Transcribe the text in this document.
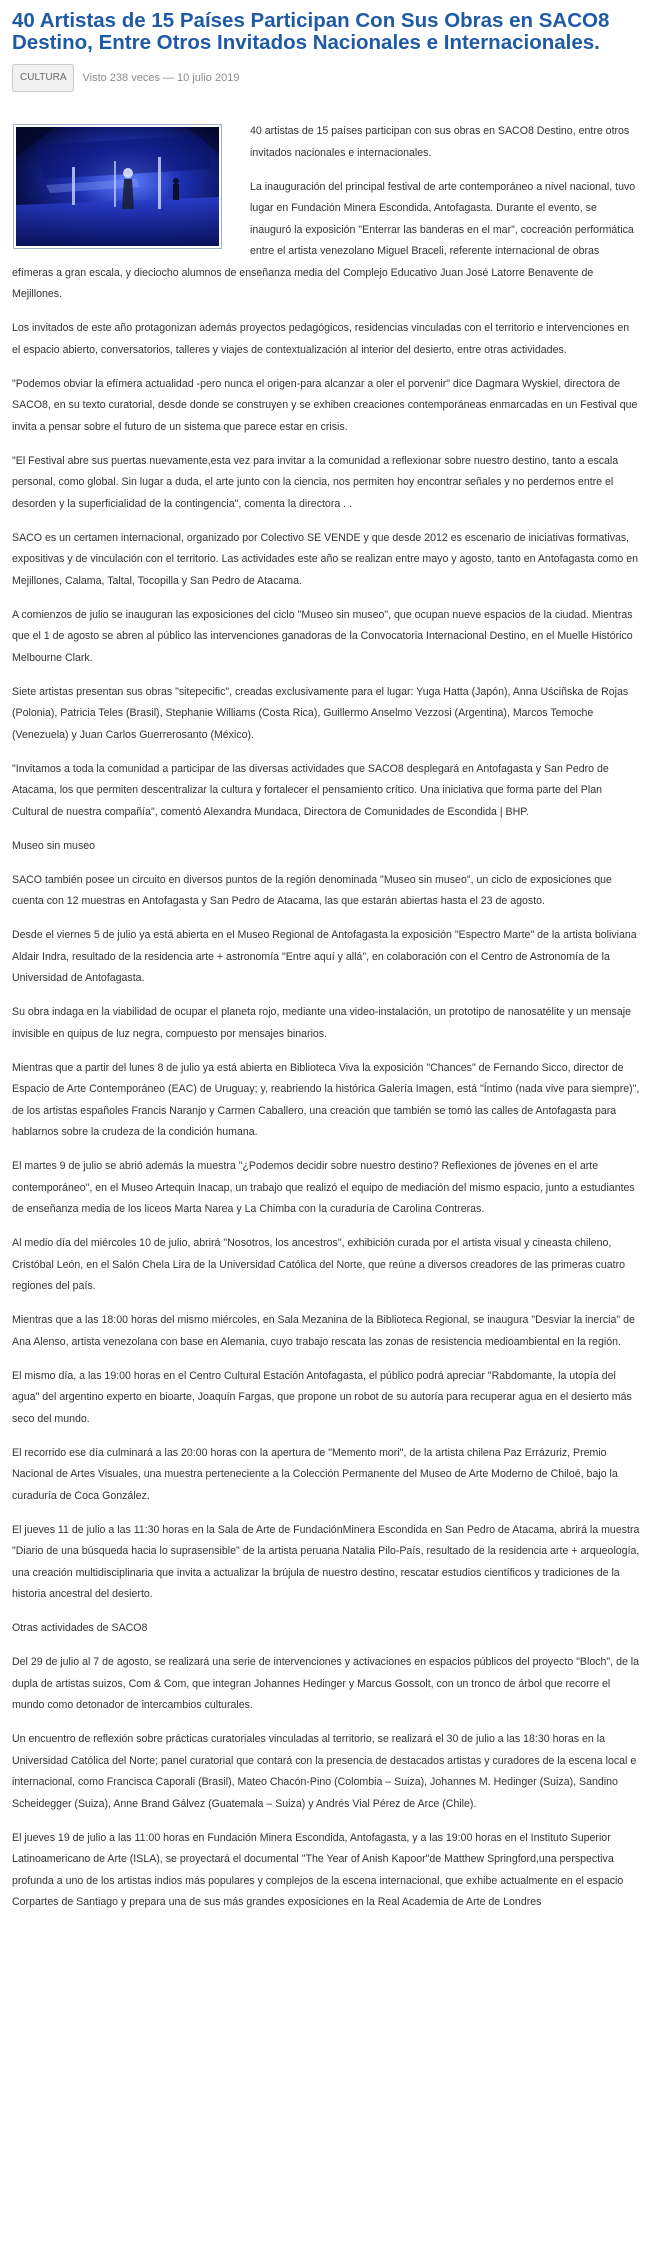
40 Artistas de 15 Países Participan Con Sus Obras en SACO8 Destino, Entre Otros Invitados Nacionales e Internacionales.
CULTURA	Visto 238 veces — 10 julio 2019

40 artistas de 15 países participan con sus obras en SACO8 Destino, entre otros invitados nacionales e internacionales.

La inauguración del principal festival de arte contemporáneo a nivel nacional, tuvo lugar en Fundación Minera Escondida, Antofagasta. Durante el evento, se inauguró la exposición "Enterrar las banderas en el mar", cocreación performática entre el artista venezolano Miguel Braceli, referente internacional de obras efímeras a gran escala, y dieciocho alumnos de enseñanza media del Complejo Educativo Juan José Latorre Benavente de Mejillones.

Los invitados de este año protagonizan además proyectos pedagógicos, residencias vinculadas con el territorio e intervenciones en el espacio abierto, conversatorios, talleres y viajes de contextualización al interior del desierto, entre otras actividades.

"Podemos obviar la efímera actualidad -pero nunca el origen-para alcanzar a oler el porvenir" dice Dagmara Wyskiel, directora de SACO8, en su texto curatorial, desde donde se construyen y se exhiben creaciones contemporáneas enmarcadas en un Festival que invita a pensar sobre el futuro de un sistema que parece estar en crisis.

"El Festival abre sus puertas nuevamente,esta vez para invitar a la comunidad a reflexionar sobre nuestro destino, tanto a escala personal, como global. Sin lugar a duda, el arte junto con la ciencia, nos permiten hoy encontrar señales y no perdernos entre el desorden y la superficialidad de la contingencia", comenta la directora . .

SACO es un certamen internacional, organizado por Colectivo SE VENDE y que desde 2012 es escenario de iniciativas formativas, expositivas y de vinculación con el territorio. Las actividades este año se realizan entre mayo y agosto, tanto en Antofagasta como en Mejillones, Calama, Taltal, Tocopilla y San Pedro de Atacama.

A comienzos de julio se inauguran las exposiciones del ciclo "Museo sin museo", que ocupan nueve espacios de la ciudad. Mientras que el 1 de agosto se abren al público las intervenciones ganadoras de la Convocatoria Internacional Destino, en el Muelle Histórico Melbourne Clark.

Siete artistas presentan sus obras "sitepecific", creadas exclusivamente para el lugar: Yuga Hatta (Japón), Anna Uściñska de Rojas (Polonia), Patricia Teles (Brasil), Stephanie Williams (Costa Rica), Guillermo Anselmo Vezzosi (Argentina), Marcos Temoche (Venezuela) y Juan Carlos Guerrerosanto (México).

"Invitamos a toda la comunidad a participar de las diversas actividades que SACO8 desplegará en Antofagasta y San Pedro de Atacama, los que permiten descentralizar la cultura y fortalecer el pensamiento crítico. Una iniciativa que forma parte del Plan Cultural de nuestra compañía", comentó Alexandra Mundaca, Directora de Comunidades de Escondida | BHP.

Museo sin museo

SACO también posee un circuito en diversos puntos de la región denominada "Museo sin museo", un ciclo de exposiciones que cuenta con 12 muestras en Antofagasta y San Pedro de Atacama, las que estarán abiertas hasta el 23 de agosto.

Desde el viernes 5 de julio ya está abierta en el Museo Regional de Antofagasta la exposición "Espectro Marte" de la artista boliviana Aldair Indra, resultado de la residencia arte + astronomía "Entre aquí y allá", en colaboración con el Centro de Astronomía de la Universidad de Antofagasta.

Su obra indaga en la viabilidad de ocupar el planeta rojo, mediante una video-instalación, un prototipo de nanosatélite y un mensaje invisible en quipus de luz negra, compuesto por mensajes binarios.

Mientras que a partir del lunes 8 de julio ya está abierta en Biblioteca Viva la exposición "Chances" de Fernando Sicco, director de Espacio de Arte Contemporáneo (EAC) de Uruguay; y, reabriendo la histórica Galería Imagen, está "Íntimo (nada vive para siempre)", de los artistas españoles Francis Naranjo y Carmen Caballero, una creación que también se tomó las calles de Antofagasta para hablarnos sobre la crudeza de la condición humana.

El martes 9 de julio se abrió además la muestra "¿Podemos decidir sobre nuestro destino? Reflexiones de jóvenes en el arte contemporáneo", en el Museo Artequin Inacap, un trabajo que realizó el equipo de mediación del mismo espacio, junto a estudiantes de enseñanza media de los liceos Marta Narea y La Chimba con la curaduría de Carolina Contreras.

Al medio día del miércoles 10 de julio, abrirá "Nosotros, los ancestros", exhibición curada por el artista visual y cineasta chileno, Cristóbal León, en el Salón Chela Lira de la Universidad Católica del Norte, que reúne a diversos creadores de las primeras cuatro regiones del país.

Mientras que a las 18:00 horas del mismo miércoles, en Sala Mezanina de la Biblioteca Regional, se inaugura "Desviar la inercia" de Ana Alenso, artista venezolana con base en Alemania, cuyo trabajo rescata las zonas de resistencia medioambiental en la región.

El mismo día, a las 19:00 horas en el Centro Cultural Estación Antofagasta, el público podrá apreciar "Rabdomante, la utopía del agua" del argentino experto en bioarte, Joaquín Fargas, que propone un robot de su autoría para recuperar agua en el desierto más seco del mundo.

El recorrido ese día culminará a las 20:00 horas con la apertura de "Memento mori", de la artista chilena Paz Errázuriz, Premio Nacional de Artes Visuales, una muestra perteneciente a la Colección Permanente del Museo de Arte Moderno de Chiloé, bajo la curaduría de Coca González.

El jueves 11 de julio a las 11:30 horas en la Sala de Arte de FundaciónMinera Escondida en San Pedro de Atacama, abrirá la muestra "Diario de una búsqueda hacia lo suprasensible" de la artista peruana Natalia Pilo-País, resultado de la residencia arte + arqueología, una creación multidisciplinaria que invita a actualizar la brújula de nuestro destino, rescatar estudios científicos y tradiciones de la historia ancestral del desierto.

Otras actividades de SACO8

Del 29 de julio al 7 de agosto, se realizará una serie de intervenciones y activaciones en espacios públicos del proyecto "Bloch", de la dupla de artistas suizos, Com & Com, que integran Johannes Hedinger y Marcus Gossolt, con un tronco de árbol que recorre el mundo como detonador de intercambios culturales.

Un encuentro de reflexión sobre prácticas curatoriales vinculadas al territorio, se realizará el 30 de julio a las 18:30 horas en la Universidad Católica del Norte; panel curatorial que contará con la presencia de destacados artistas y curadores de la escena local e internacional, como Francisca Caporali (Brasil), Mateo Chacón-Pino (Colombia – Suiza), Johannes M. Hedinger (Suiza), Sandino Scheidegger (Suiza), Anne Brand Gálvez (Guatemala – Suiza) y Andrés Vial Pérez de Arce (Chile).

El jueves 19 de julio a las 11:00 horas en Fundación Minera Escondida, Antofagasta, y a las 19:00 horas en el Instituto Superior Latinoamericano de Arte (ISLA), se proyectará el documental "The Year of Anish Kapoor"de Matthew Springford,una perspectiva profunda a uno de los artistas indios más populares y complejos de la escena internacional, que exhibe actualmente en el espacio Corpartes de Santiago y prepara una de sus más grandes exposiciones en la Real Academia de Arte de Londres
